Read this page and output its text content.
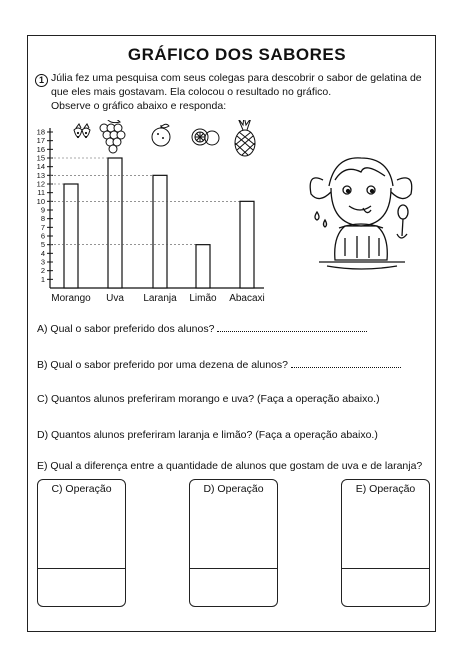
GRÁFICO DOS SABORES
1 Júlia fez uma pesquisa com seus colegas para descobrir o sabor de gelatina de
que eles mais gostavam. Ela colocou o resultado no gráfico.
Observe o gráfico abaixo e responda:
1
2
3
4
5
6
7
8
9
10
11
12
13
14
15
16
17
18
Morango Uva Laranja Limão Abacaxi
A) Qual o sabor preferido dos alunos?
B) Qual o sabor preferido por uma dezena de alunos?
C) Quantos alunos preferiram morango e uva? (Faça a operação abaixo.)
D) Quantos alunos preferiram laranja e limão? (Faça a operação abaixo.)
E) Qual a diferença entre a quantidade de alunos que gostam de uva e de laranja?
C) Operação	D) Operação	E) Operação
